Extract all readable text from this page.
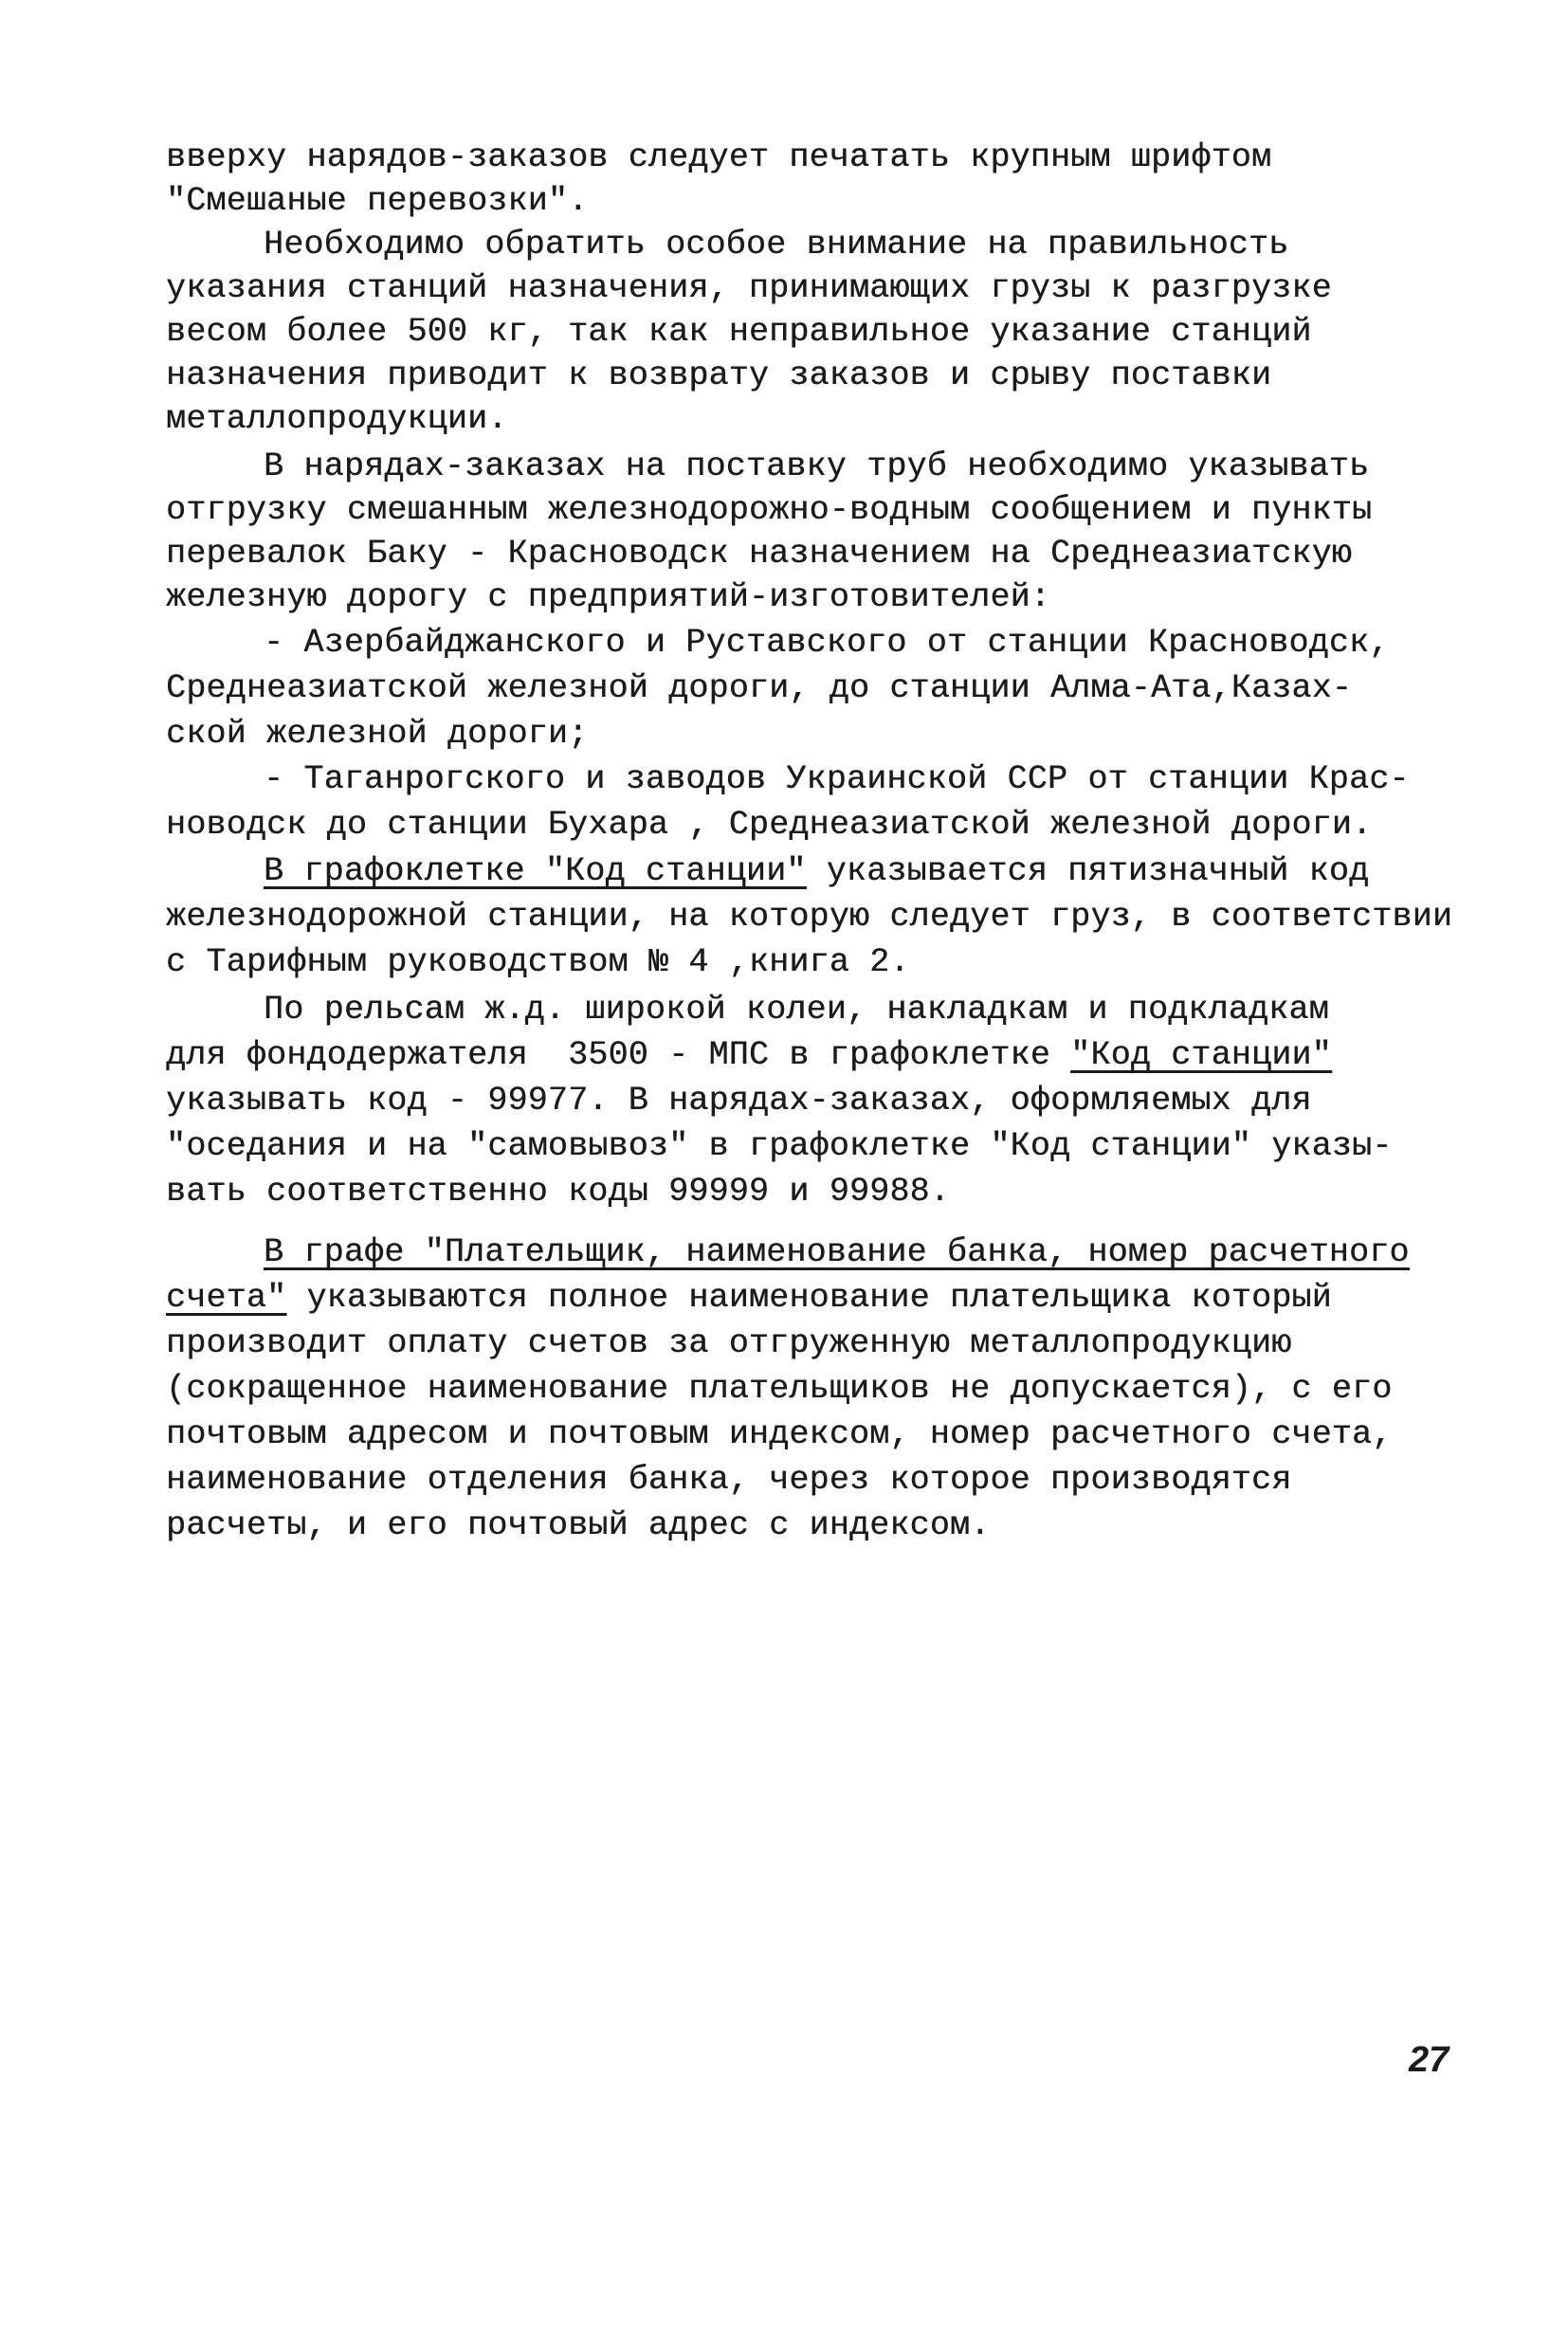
вверху нарядов-заказов следует печатать крупным шрифтом
"Смешаные перевозки".
Необходимо обратить особое внимание на правильность
указания станций назначения, принимающих грузы к разгрузке
весом более 500 кг, так как неправильное указание станций
назначения приводит к возврату заказов и срыву поставки
металлопродукции.
В нарядах-заказах на поставку труб необходимо указывать
отгрузку смешанным железнодорожно-водным сообщением и пункты
перевалок Баку - Красноводск назначением на Среднеазиатскую
железную дорогу с предприятий-изготовителей:
- Азербайджанского и Руставского от станции Красноводск,
Среднеазиатской железной дороги, до станции Алма-Ата,Казах-
ской железной дороги;
- Таганрогского и заводов Украинской ССР от станции Крас-
новодск до станции Бухара , Среднеазиатской железной дороги.
В графоклетке "Код станции" указывается пятизначный код
железнодорожной станции, на которую следует груз, в соответствии
с Тарифным руководством № 4 ,книга 2.
По рельсам ж.д. широкой колеи, накладкам и подкладкам
для фондодержателя  3500 - МПС в графоклетке "Код станции"
указывать код - 99977. В нарядах-заказах, оформляемых для
"оседания и на "самовывоз" в графоклетке "Код станции" указы-
вать соответственно коды 99999 и 99988.
В графе "Плательщик, наименование банка, номер расчетного
счета" указываются полное наименование плательщика который
производит оплату счетов за отгруженную металлопродукцию
(сокращенное наименование плательщиков не допускается), с его
почтовым адресом и почтовым индексом, номер расчетного счета,
наименование отделения банка, через которое производятся
расчеты, и его почтовый адрес с индексом.
27
